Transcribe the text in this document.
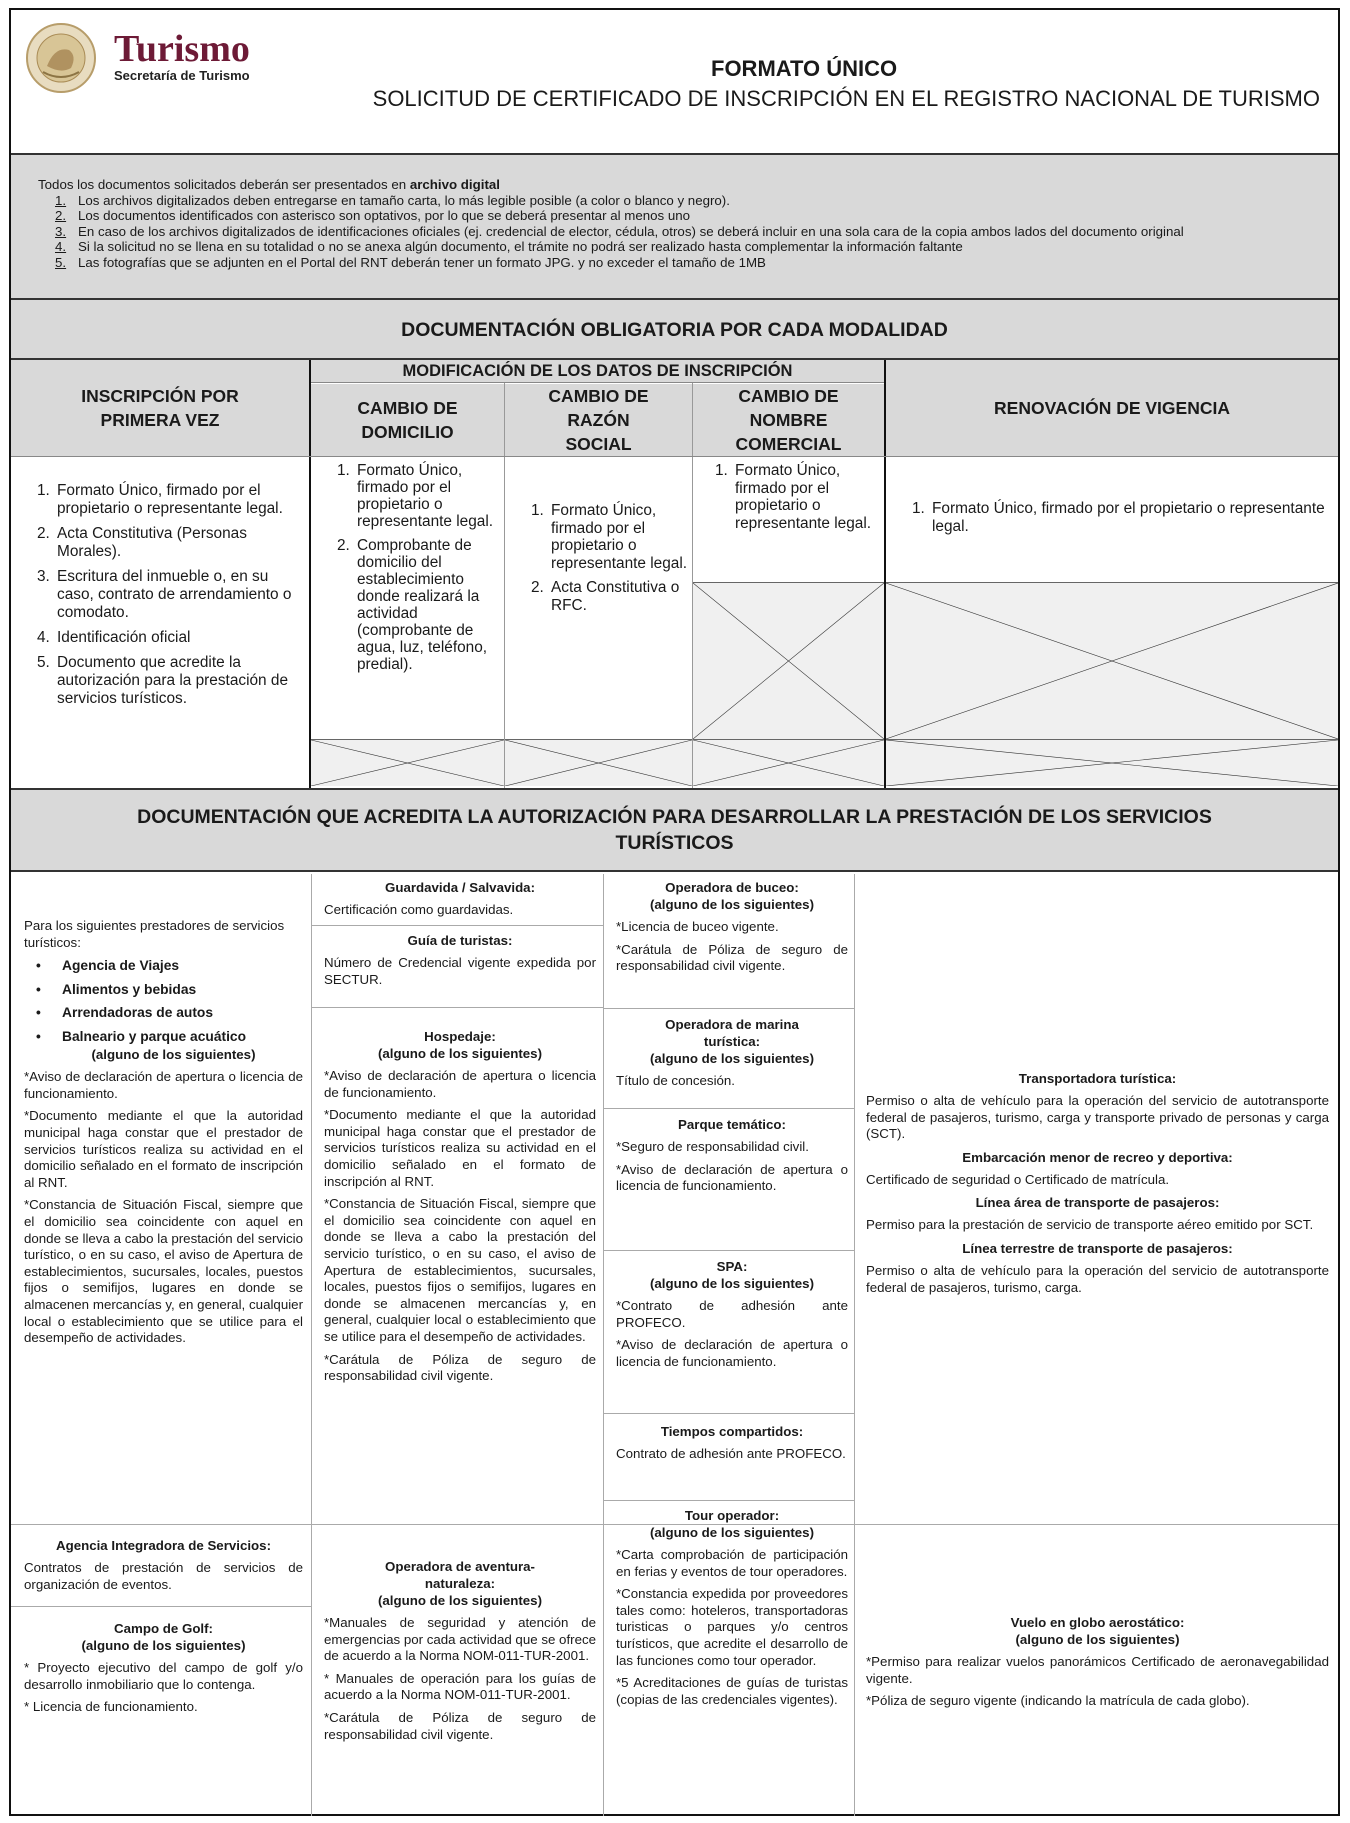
Turismo
Secretaría de Turismo	FORMATO ÚNICO
SOLICITUD DE CERTIFICADO DE INSCRIPCIÓN EN EL REGISTRO NACIONAL DE TURISMO
Todos los documentos solicitados deberán ser presentados en archivo digital
1. Los archivos digitalizados deben entregarse en tamaño carta, lo más legible posible (a color o blanco y negro).
2. Los documentos identificados con asterisco son optativos, por lo que se deberá presentar al menos uno
3. En caso de los archivos digitalizados de identificaciones oficiales (ej. credencial de elector, cédula, otros) se deberá incluir en una sola cara de la copia ambos lados del documento original
4. Si la solicitud no se llena en su totalidad o no se anexa algún documento, el trámite no podrá ser realizado hasta complementar la información faltante
5. Las fotografías que se adjunten en el Portal del RNT deberán tener un formato JPG. y no exceder el tamaño de 1MB
DOCUMENTACIÓN OBLIGATORIA POR CADA MODALIDAD
INSCRIPCIÓN POR PRIMERA VEZ
MODIFICACIÓN DE LOS DATOS DE INSCRIPCIÓN
CAMBIO DE DOMICILIO
CAMBIO DE RAZÓN SOCIAL
CAMBIO DE NOMBRE COMERCIAL
RENOVACIÓN DE VIGENCIA
1. Formato Único, firmado por el propietario o representante legal.
2. Acta Constitutiva (Personas Morales).
3. Escritura del inmueble o, en su caso, contrato de arrendamiento o comodato.
4. Identificación oficial
5. Documento que acredite la autorización para la prestación de servicios turísticos.
1. Formato Único, firmado por el propietario o representante legal.
2. Comprobante de domicilio del establecimiento donde realizará la actividad (comprobante de agua, luz, teléfono, predial).
1. Formato Único, firmado por el propietario o representante legal.
2. Acta Constitutiva o RFC.
1. Formato Único, firmado por el propietario o representante legal.
1. Formato Único, firmado por el propietario o representante legal.
DOCUMENTACIÓN QUE ACREDITA LA AUTORIZACIÓN PARA DESARROLLAR LA PRESTACIÓN DE LOS SERVICIOS TURÍSTICOS
Para los siguientes prestadores de servicios turísticos:
• Agencia de Viajes
• Alimentos y bebidas
• Arrendadoras de autos
• Balneario y parque acuático
(alguno de los siguientes)

*Aviso de declaración de apertura o licencia de funcionamiento.

*Documento mediante el que la autoridad municipal haga constar que el prestador de servicios turísticos realiza su actividad en el domicilio señalado en el formato de inscripción al RNT.

*Constancia de Situación Fiscal, siempre que el domicilio sea coincidente con aquel en donde se lleva a cabo la prestación del servicio turístico, o en su caso, el aviso de Apertura de establecimientos, sucursales, locales, puestos fijos o semifijos, lugares en donde se almacenen mercancías y, en general, cualquier local o establecimiento que se utilice para el desempeño de actividades.

Agencia Integradora de Servicios:

Contratos de prestación de servicios de organización de eventos.

Campo de Golf:
(alguno de los siguientes)

* Proyecto ejecutivo del campo de golf y/o desarrollo inmobiliario que lo contenga.

* Licencia de funcionamiento.

Guardavida / Salvavida:

Certificación como guardavidas.

Guía de turistas:

Número de Credencial vigente expedida por SECTUR.

Hospedaje:
(alguno de los siguientes)

*Aviso de declaración de apertura o licencia de funcionamiento.

*Documento mediante el que la autoridad municipal haga constar que el prestador de servicios turísticos realiza su actividad en el domicilio señalado en el formato de inscripción al RNT.

*Constancia de Situación Fiscal, siempre que el domicilio sea coincidente con aquel en donde se lleva a cabo la prestación del servicio turístico, o en su caso, el aviso de Apertura de establecimientos, sucursales, locales, puestos fijos o semifijos, lugares en donde se almacenen mercancías y, en general, cualquier local o establecimiento que se utilice para el desempeño de actividades.

*Carátula de Póliza de seguro de responsabilidad civil vigente.

Operadora de aventura-naturaleza:
(alguno de los siguientes)

*Manuales de seguridad y atención de emergencias por cada actividad que se ofrece de acuerdo a la Norma NOM-011-TUR-2001.

* Manuales de operación para los guías de acuerdo a la Norma NOM-011-TUR-2001.

*Carátula de Póliza de seguro de responsabilidad civil vigente.

Operadora de buceo:
(alguno de los siguientes)

*Licencia de buceo vigente.

*Carátula de Póliza de seguro de responsabilidad civil vigente.

Operadora de marina turística:
(alguno de los siguientes)

Título de concesión.

Parque temático:

*Seguro de responsabilidad civil.

*Aviso de declaración de apertura o licencia de funcionamiento.

SPA:
(alguno de los siguientes)

*Contrato de adhesión ante PROFECO.

*Aviso de declaración de apertura o licencia de funcionamiento.

Tiempos compartidos:

Contrato de adhesión ante PROFECO.

Tour operador:
(alguno de los siguientes)

*Carta comprobación de participación en ferias y eventos de tour operadores.

*Constancia expedida por proveedores tales como: hoteleros, transportadoras turisticas o parques y/o centros turísticos, que acredite el desarrollo de las funciones como tour operador.

*5 Acreditaciones de guías de turistas (copias de las credenciales vigentes).

Transportadora turística:

Permiso o alta de vehículo para la operación del servicio de autotransporte federal de pasajeros, turismo, carga y transporte privado de personas y carga (SCT).

Embarcación menor de recreo y deportiva:

Certificado de seguridad o Certificado de matrícula.

Línea área de transporte de pasajeros:

Permiso para la prestación de servicio de transporte aéreo emitido por SCT.

Línea terrestre de transporte de pasajeros:

Permiso o alta de vehículo para la operación del servicio de autotransporte federal de pasajeros, turismo, carga.

Vuelo en globo aerostático:
(alguno de los siguientes)

*Permiso para realizar vuelos panorámicos Certificado de aeronavegabilidad vigente.

*Póliza de seguro vigente (indicando la matrícula de cada globo).
